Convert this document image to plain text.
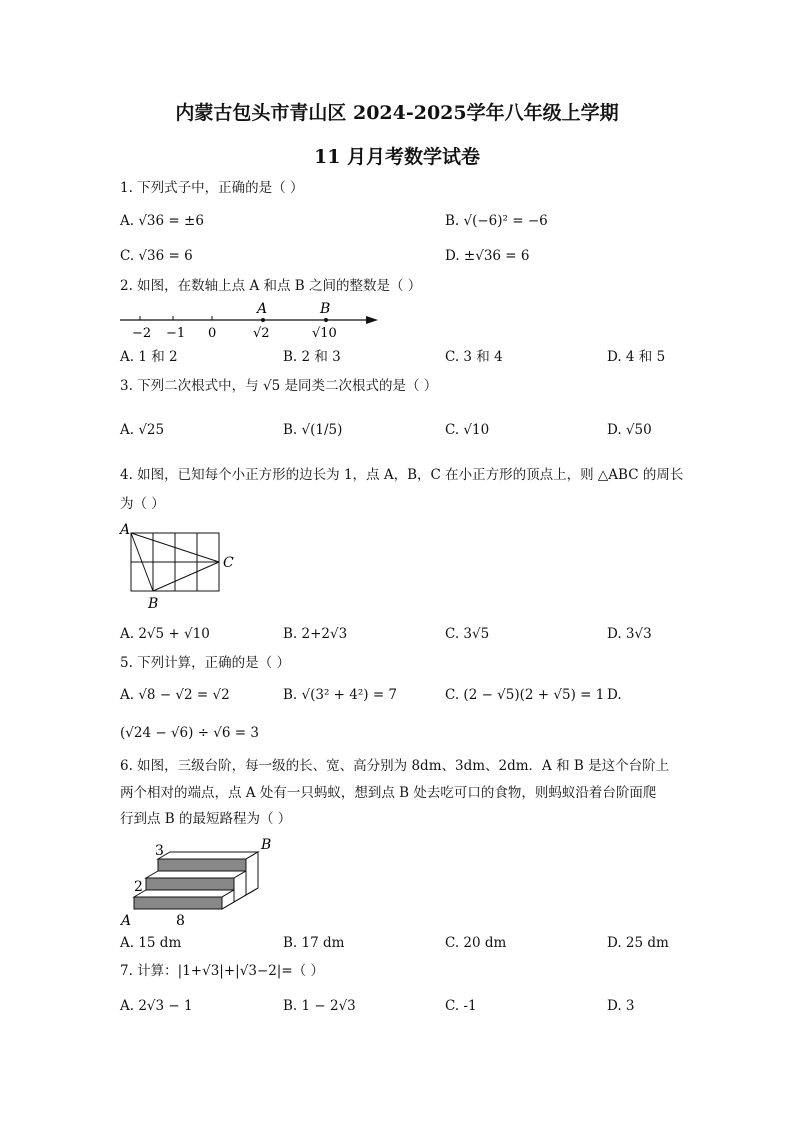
内蒙古包头市青山区 2024-2025学年八年级上学期
11 月月考数学试卷
1. 下列式子中，正确的是（ ）
A. √36 = ±6	B. √(−6)² = −6
C. √36 = 6	D. ±√36 = 6
2. 如图，在数轴上点 A 和点 B 之间的整数是（ ）
−2 −1 0
A	B
√2	√10
A. 1 和 2	B. 2 和 3	C. 3 和 4	D. 4 和 5
3. 下列二次根式中，与 √5 是同类二次根式的是（ ）
A. √25	B. √(1/5)	C. √10	D. √50
4. 如图，已知每个小正方形的边长为 1，点 A，B，C 在小正方形的顶点上，则 △ABC 的周长
为（ ）
A
B
C
A. 2√5 + √10	B. 2+2√3	C. 3√5	D. 3√3
5. 下列计算，正确的是（ ）
A. √8 − √2 = √2	B. √(3² + 4²) = 7	C. (2 − √5)(2 + √5) = 1 D.
(√24 − √6) ÷ √6 = 3
6. 如图，三级台阶，每一级的长、宽、高分别为 8dm、3dm、2dm．A 和 B 是这个台阶上
两个相对的端点，点 A 处有一只蚂蚁，想到点 B 处去吃可口的食物，则蚂蚁沿着台阶面爬
行到点 B 的最短路程为（ ）
3
2
8
A
B
A. 15 dm	B. 17 dm	C. 20 dm	D. 25 dm
7. 计算：|1+√3|+|√3−2|=（ ）
A. 2√3 − 1	B. 1 − 2√3	C. -1	D. 3
